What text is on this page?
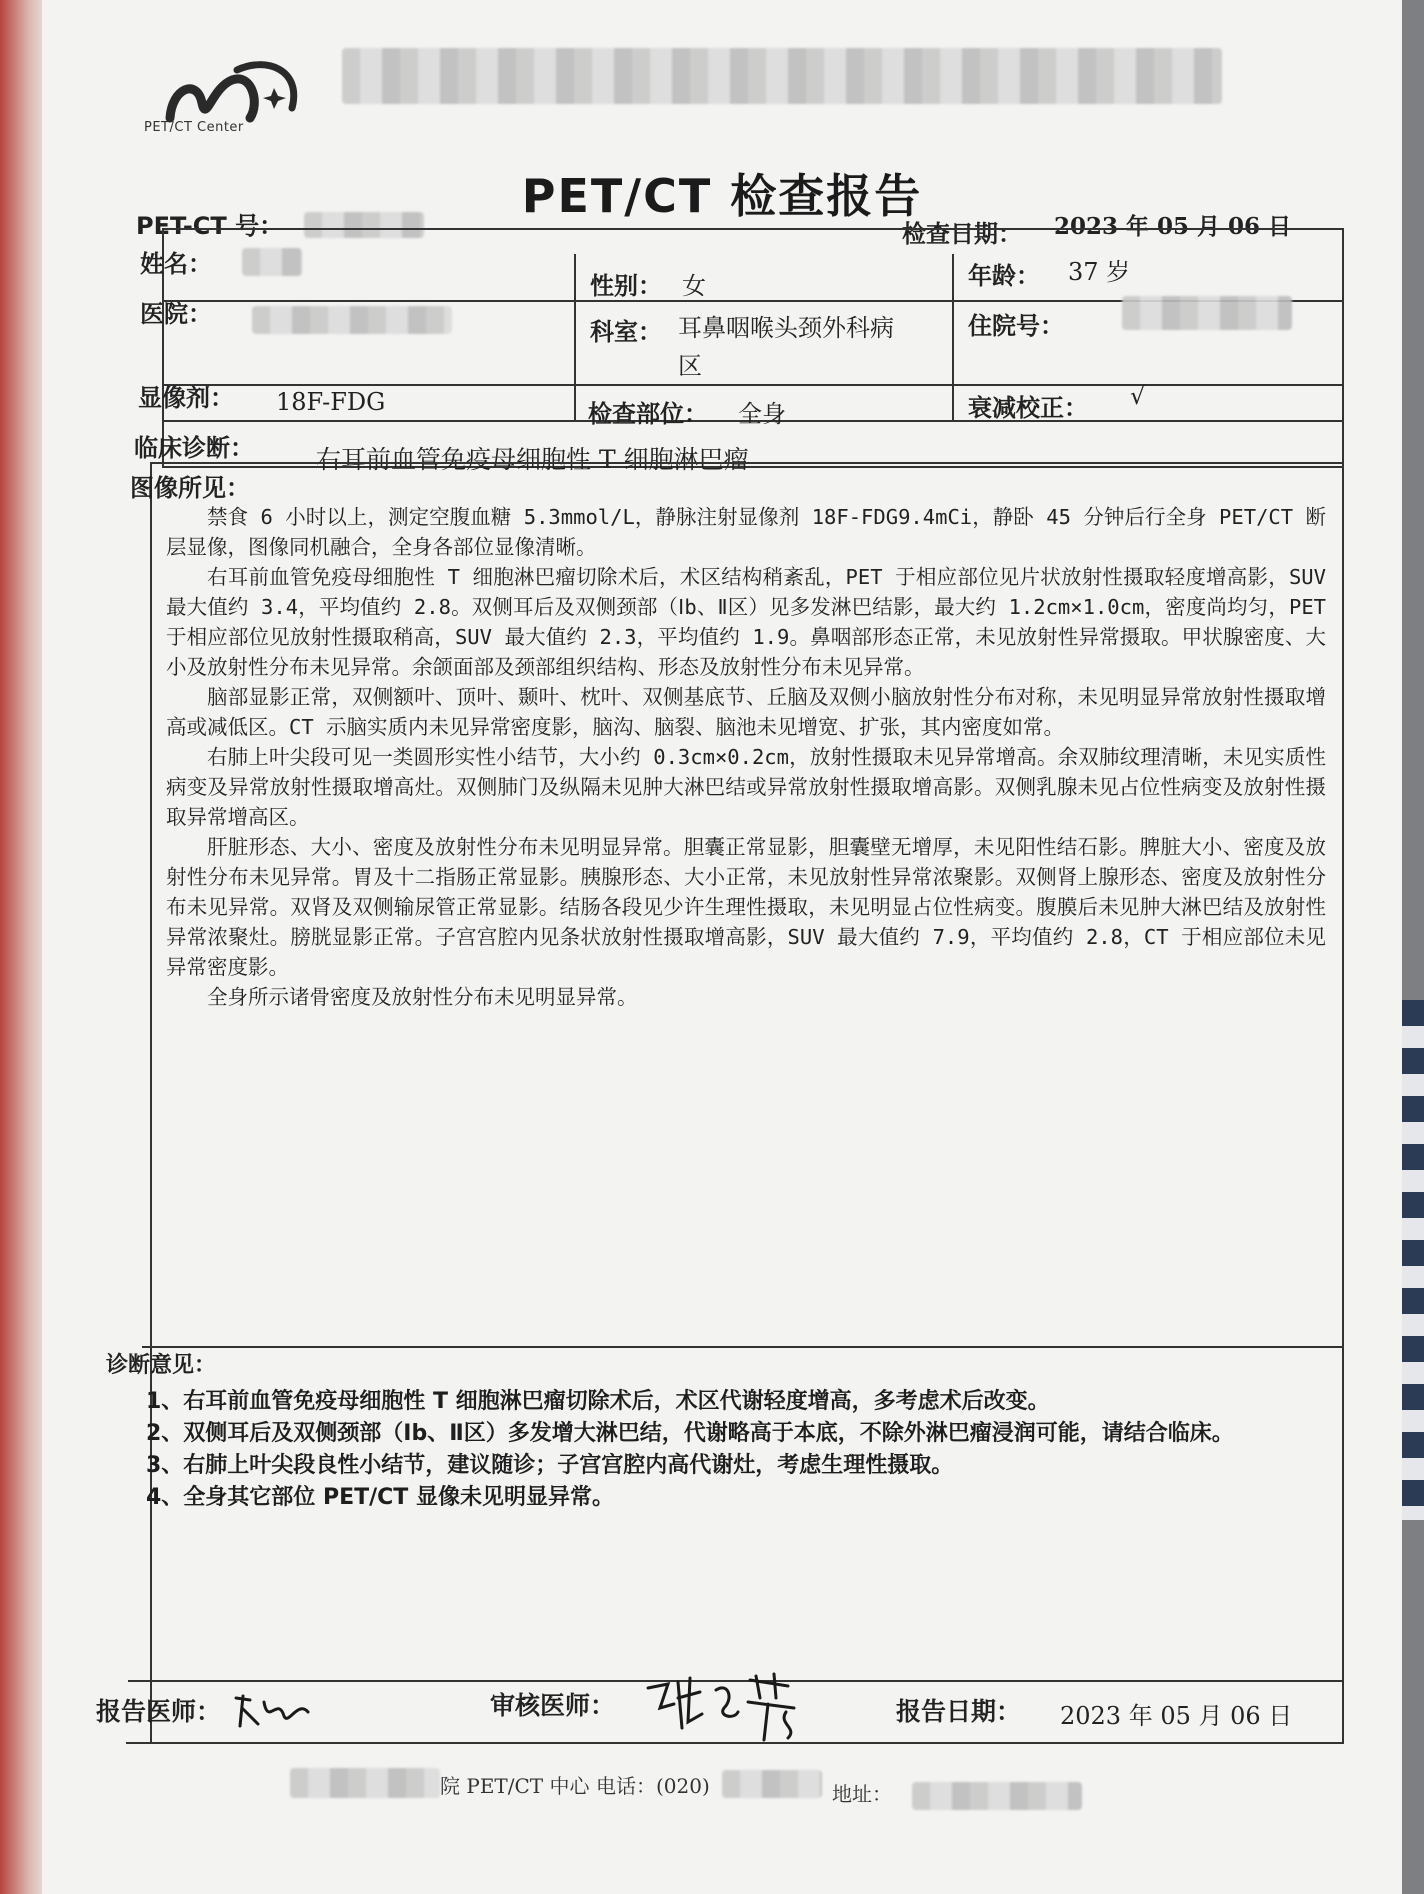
PET/CT Center
PET/CT 检查报告
PET-CT 号：	检查日期： 2023 年 05 月 06 日
姓名：
性别： 女	年龄： 37 岁
医院：
科室： 耳鼻咽喉头颈外科病
区
住院号：
显像剂： 18F-FDG	检查部位： 全身	衰减校正： √
临床诊断： 右耳前血管免疫母细胞性 T 细胞淋巴瘤
图像所见：

禁食 6 小时以上，测定空腹血糖 5.3mmol/L，静脉注射显像剂 18F-FDG9.4mCi，静卧 45 分钟后行全身 PET/CT 断层显像，图像同机融合，全身各部位显像清晰。

右耳前血管免疫母细胞性 T 细胞淋巴瘤切除术后，术区结构稍紊乱，PET 于相应部位见片状放射性摄取轻度增高影，SUV 最大值约 3.4，平均值约 2.8。双侧耳后及双侧颈部（Ⅰb、Ⅱ区）见多发淋巴结影，最大约 1.2cm×1.0cm，密度尚均匀，PET 于相应部位见放射性摄取稍高，SUV 最大值约 2.3，平均值约 1.9。鼻咽部形态正常，未见放射性异常摄取。甲状腺密度、大小及放射性分布未见异常。余颌面部及颈部组织结构、形态及放射性分布未见异常。

脑部显影正常，双侧额叶、顶叶、颞叶、枕叶、双侧基底节、丘脑及双侧小脑放射性分布对称，未见明显异常放射性摄取增高或减低区。CT 示脑实质内未见异常密度影，脑沟、脑裂、脑池未见增宽、扩张，其内密度如常。

右肺上叶尖段可见一类圆形实性小结节，大小约 0.3cm×0.2cm，放射性摄取未见异常增高。余双肺纹理清晰，未见实质性病变及异常放射性摄取增高灶。双侧肺门及纵隔未见肿大淋巴结或异常放射性摄取增高影。双侧乳腺未见占位性病变及放射性摄取异常增高区。

肝脏形态、大小、密度及放射性分布未见明显异常。胆囊正常显影，胆囊壁无增厚，未见阳性结石影。脾脏大小、密度及放射性分布未见异常。胃及十二指肠正常显影。胰腺形态、大小正常，未见放射性异常浓聚影。双侧肾上腺形态、密度及放射性分布未见异常。双肾及双侧输尿管正常显影。结肠各段见少许生理性摄取，未见明显占位性病变。腹膜后未见肿大淋巴结及放射性异常浓聚灶。膀胱显影正常。子宫宫腔内见条状放射性摄取增高影，SUV 最大值约 7.9，平均值约 2.8，CT 于相应部位未见异常密度影。

全身所示诸骨密度及放射性分布未见明显异常。

诊断意见：
1、右耳前血管免疫母细胞性 T 细胞淋巴瘤切除术后，术区代谢轻度增高，多考虑术后改变。
2、双侧耳后及双侧颈部（Ⅰb、Ⅱ区）多发增大淋巴结，代谢略高于本底，不除外淋巴瘤浸润可能，请结合临床。
3、右肺上叶尖段良性小结节，建议随诊；子宫宫腔内高代谢灶，考虑生理性摄取。
4、全身其它部位 PET/CT 显像未见明显异常。
报告医师：	审核医师：	报告日期： 2023 年 05 月 06 日
院 PET/CT 中心 电话：(020)	地址：
